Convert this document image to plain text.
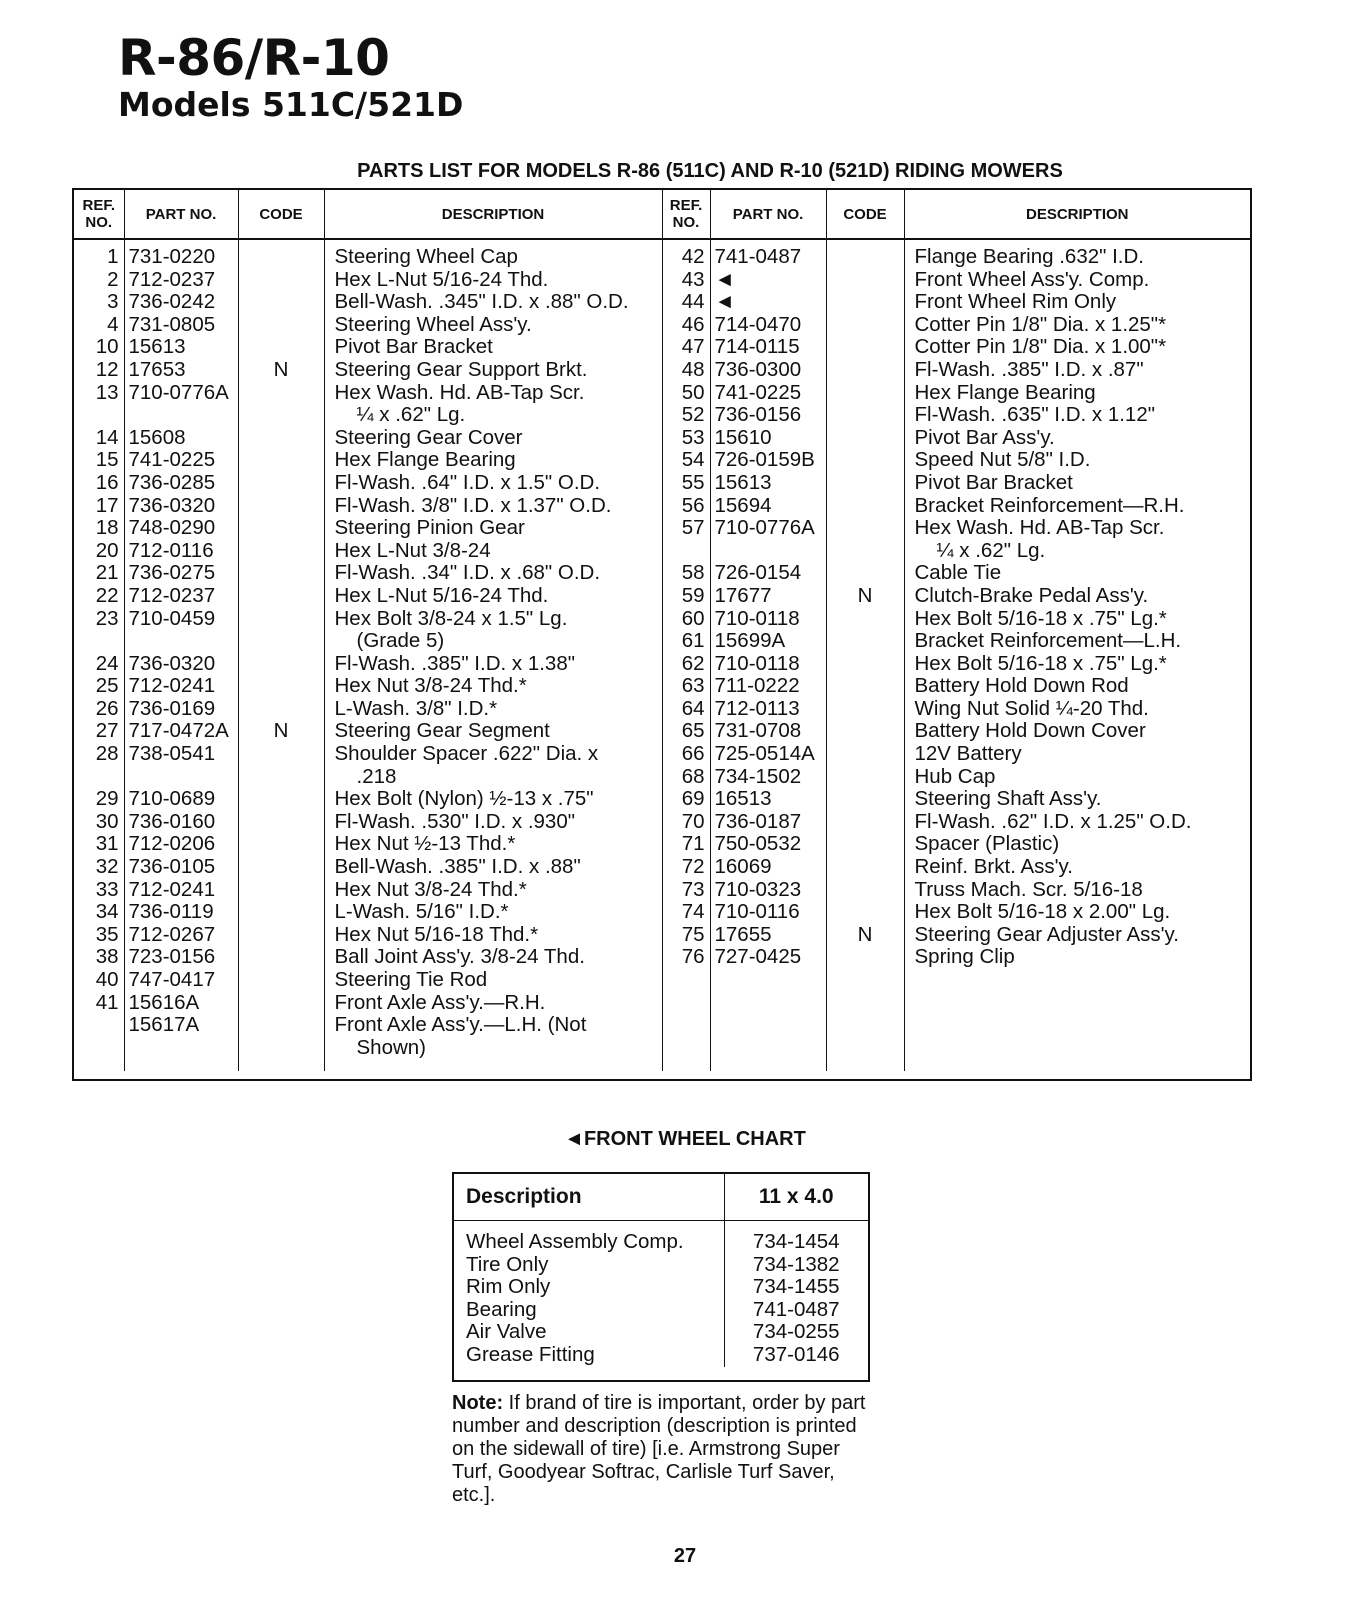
R-86/R-10
Models 511C/521D
PARTS LIST FOR MODELS R-86 (511C) AND R-10 (521D) RIDING MOWERS
REF. NO.	PART NO.	CODE	DESCRIPTION	REF. NO.	PART NO.	CODE	DESCRIPTION
1	731-0220		Steering Wheel Cap	42	741-0487		Flange Bearing .632" I.D.
2	712-0237		Hex L-Nut 5/16-24 Thd.	43	◄		Front Wheel Ass'y. Comp.
3	736-0242		Bell-Wash. .345" I.D. x .88" O.D.	44	◄		Front Wheel Rim Only
4	731-0805		Steering Wheel Ass'y.	46	714-0470		Cotter Pin 1/8" Dia. x 1.25"*
10	15613		Pivot Bar Bracket	47	714-0115		Cotter Pin 1/8" Dia. x 1.00"*
12	17653	N	Steering Gear Support Brkt.	48	736-0300		Fl-Wash. .385" I.D. x .87"
13	710-0776A		Hex Wash. Hd. AB-Tap Scr.	50	741-0225		Hex Flange Bearing
			¼ x .62" Lg.	52	736-0156		Fl-Wash. .635" I.D. x 1.12"
14	15608		Steering Gear Cover	53	15610		Pivot Bar Ass'y.
15	741-0225		Hex Flange Bearing	54	726-0159B		Speed Nut 5/8" I.D.
16	736-0285		Fl-Wash. .64" I.D. x 1.5" O.D.	55	15613		Pivot Bar Bracket
17	736-0320		Fl-Wash. 3/8" I.D. x 1.37" O.D.	56	15694		Bracket Reinforcement—R.H.
18	748-0290		Steering Pinion Gear	57	710-0776A		Hex Wash. Hd. AB-Tap Scr.
20	712-0116		Hex L-Nut 3/8-24				¼ x .62" Lg.
21	736-0275		Fl-Wash. .34" I.D. x .68" O.D.	58	726-0154		Cable Tie
22	712-0237		Hex L-Nut 5/16-24 Thd.	59	17677	N	Clutch-Brake Pedal Ass'y.
23	710-0459		Hex Bolt 3/8-24 x 1.5" Lg.	60	710-0118		Hex Bolt 5/16-18 x .75" Lg.*
			(Grade 5)	61	15699A		Bracket Reinforcement—L.H.
24	736-0320		Fl-Wash. .385" I.D. x 1.38"	62	710-0118		Hex Bolt 5/16-18 x .75" Lg.*
25	712-0241		Hex Nut 3/8-24 Thd.*	63	711-0222		Battery Hold Down Rod
26	736-0169		L-Wash. 3/8" I.D.*	64	712-0113		Wing Nut Solid ¼-20 Thd.
27	717-0472A	N	Steering Gear Segment	65	731-0708		Battery Hold Down Cover
28	738-0541		Shoulder Spacer .622" Dia. x	66	725-0514A		12V Battery
			.218	68	734-1502		Hub Cap
29	710-0689		Hex Bolt (Nylon) ½-13 x .75"	69	16513		Steering Shaft Ass'y.
30	736-0160		Fl-Wash. .530" I.D. x .930"	70	736-0187		Fl-Wash. .62" I.D. x 1.25" O.D.
31	712-0206		Hex Nut ½-13 Thd.*	71	750-0532		Spacer (Plastic)
32	736-0105		Bell-Wash. .385" I.D. x .88"	72	16069		Reinf. Brkt. Ass'y.
33	712-0241		Hex Nut 3/8-24 Thd.*	73	710-0323		Truss Mach. Scr. 5/16-18
34	736-0119		L-Wash. 5/16" I.D.*	74	710-0116		Hex Bolt 5/16-18 x 2.00" Lg.
35	712-0267		Hex Nut 5/16-18 Thd.*	75	17655	N	Steering Gear Adjuster Ass'y.
38	723-0156		Ball Joint Ass'y. 3/8-24 Thd.	76	727-0425		Spring Clip
40	747-0417		Steering Tie Rod				
41	15616A		Front Axle Ass'y.—R.H.				
	15617A		Front Axle Ass'y.—L.H. (Not				
			Shown)				

◄FRONT WHEEL CHART
Description	11 x 4.0
Wheel Assembly Comp.	734-1454
Tire Only	734-1382
Rim Only	734-1455
Bearing	741-0487
Air Valve	734-0255
Grease Fitting	737-0146
Note: If brand of tire is important, order by part number and description (description is printed on the sidewall of tire) [i.e. Armstrong Super Turf, Goodyear Softrac, Carlisle Turf Saver, etc.].
27
